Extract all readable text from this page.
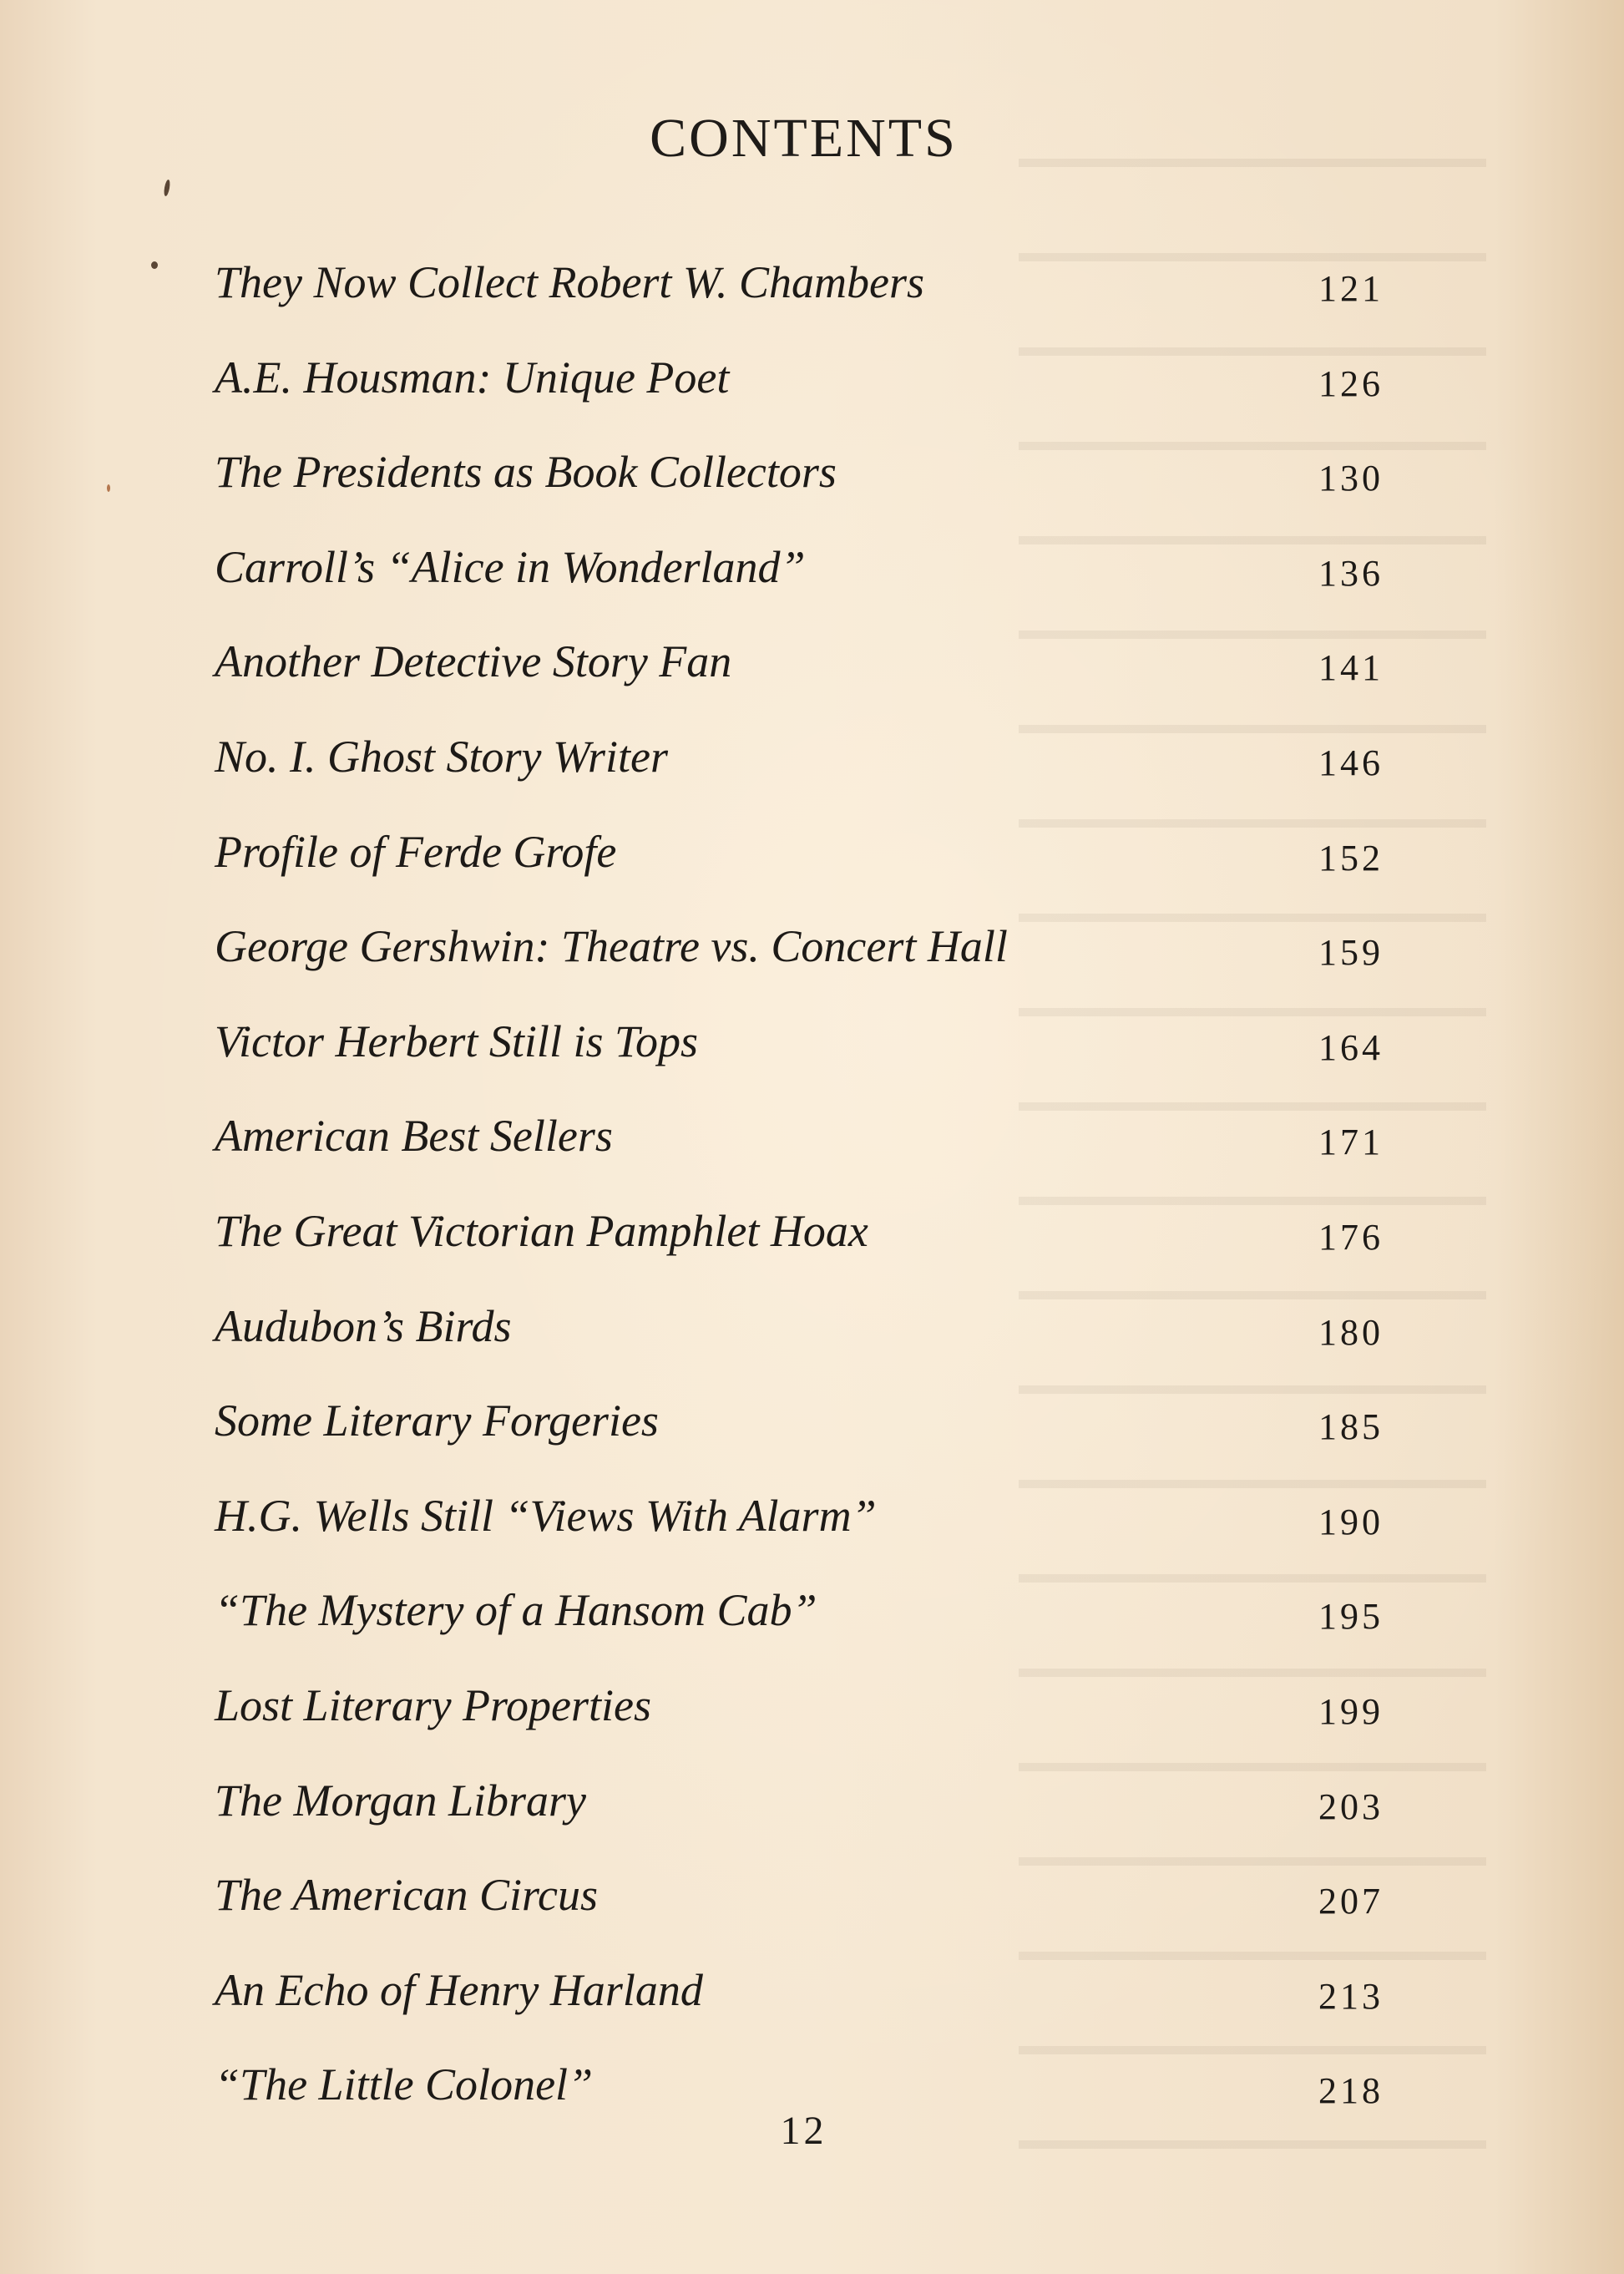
CONTENTS
They Now Collect Robert W. Chambers	121
A.E. Housman: Unique Poet	126
The Presidents as Book Collectors	130
Carroll’s “Alice in Wonderland”	136
Another Detective Story Fan	141
No. I. Ghost Story Writer	146
Profile of Ferde Grofe	152
George Gershwin: Theatre vs. Concert Hall	159
Victor Herbert Still is Tops	164
American Best Sellers	171
The Great Victorian Pamphlet Hoax	176
Audubon’s Birds	180
Some Literary Forgeries	185
H.G. Wells Still “Views With Alarm”	190
“The Mystery of a Hansom Cab”	195
Lost Literary Properties	199
The Morgan Library	203
The American Circus	207
An Echo of Henry Harland	213
“The Little Colonel”	218
12
